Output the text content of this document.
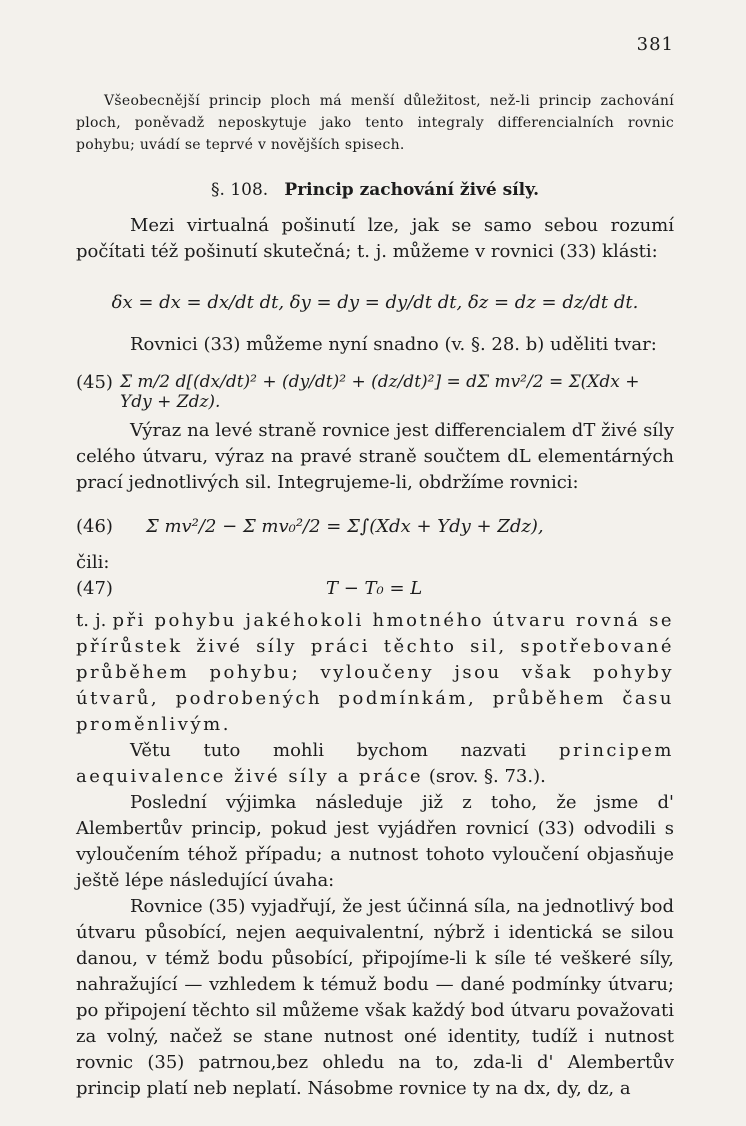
381
Všeobecnější princip ploch má menší důležitost, než-li princip zachování ploch, poněvadž neposkytuje jako tento integraly differencialních rovnic pohybu; uvádí se teprvé v novějších spisech.
§. 108. Princip zachování živé síly.
Mezi virtualná pošinutí lze, jak se samo sebou rozumí počítati též pošinutí skutečná; t. j. můžeme v rovnici (33) klásti:
δx = dx = dx/dt dt, δy = dy = dy/dt dt, δz = dz = dz/dt dt.
Rovnici (33) můžeme nyní snadno (v. §. 28. b) uděliti tvar:
(45) Σ m/2 d[(dx/dt)² + (dy/dt)² + (dz/dt)²] = dΣ mv²/2 = Σ(Xdx + Ydy + Zdz).
Výraz na levé straně rovnice jest differencialem dT živé síly celého útvaru, výraz na pravé straně součtem dL elementárných prací jednotlivých sil. Integrujeme-li, obdržíme rovnici:
(46) Σ mv²/2 − Σ mv₀²/2 = Σ∫(Xdx + Ydy + Zdz),
čili:
(47)	T − T₀ = L
t. j. při pohybu jakéhokoli hmotného útvaru rovná se přírůstek živé síly práci těchto sil, spotřebované průběhem pohybu; vyloučeny jsou však pohyby útvarů, podrobených podmínkám, průběhem času proměnlivým.
Větu tuto mohli bychom nazvati principem aequivalence živé síly a práce (srov. §. 73.).
Poslední výjimka následuje již z toho, že jsme d' Alembertův princip, pokud jest vyjádřen rovnicí (33) odvodili s vyloučením téhož případu; a nutnost tohoto vyloučení objasňuje ještě lépe následující úvaha:
Rovnice (35) vyjadřují, že jest účinná síla, na jednotlivý bod útvaru působící, nejen aequivalentní, nýbrž i identická se silou danou, v témž bodu působící, připojíme-li k síle té veškeré síly, nahražující — vzhledem k témuž bodu — dané podmínky útvaru; po připojení těchto sil můžeme však každý bod útvaru považovati za volný, načež se stane nutnost oné identity, tudíž i nutnost rovnic (35) patrnou,bez ohledu na to, zda-li d' Alembertův princip platí neb neplatí. Násobme rovnice ty na dx, dy, dz, a
